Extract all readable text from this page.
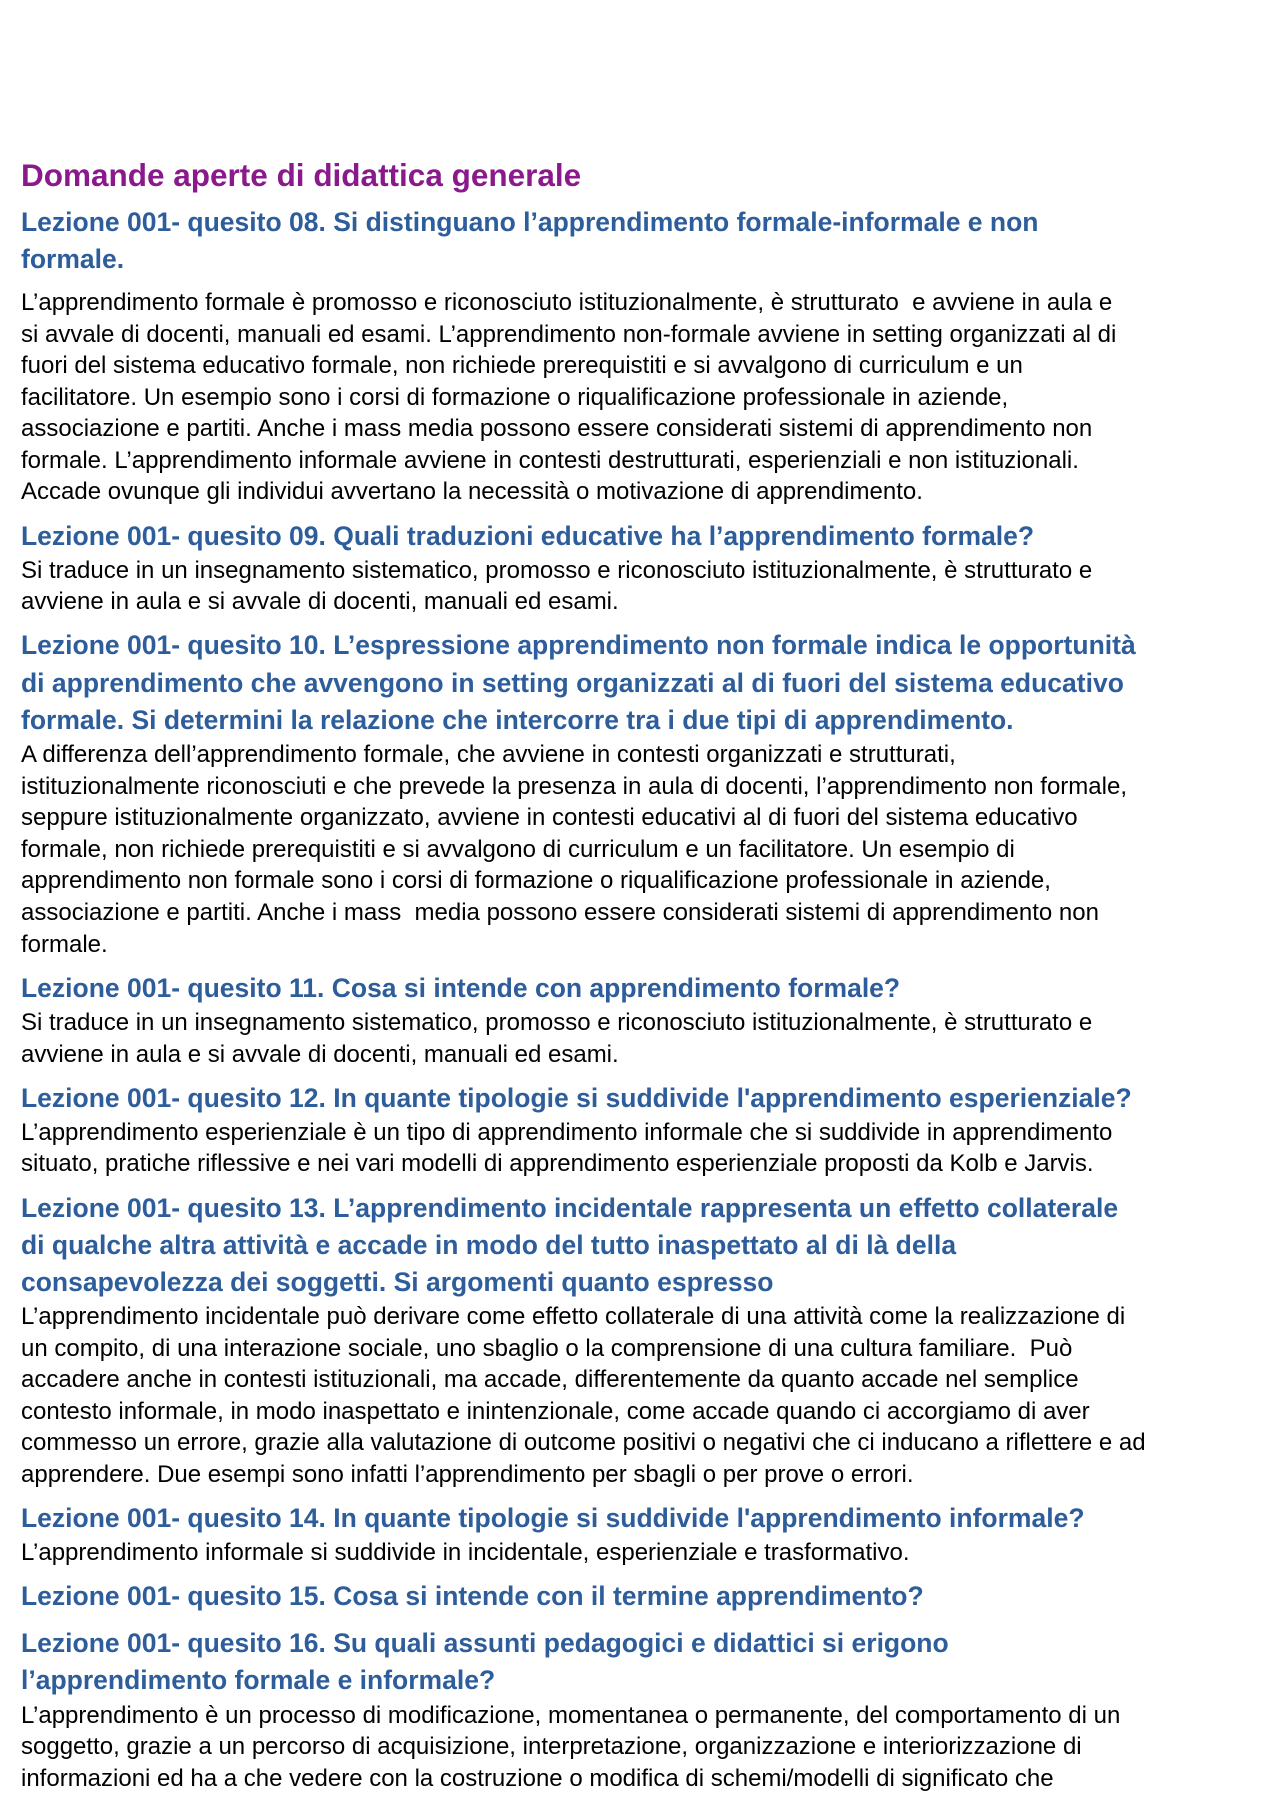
Domande aperte di didattica generale
Lezione 001- quesito 08. Si distinguano l’apprendimento formale-informale e non
formale.

L’apprendimento formale è promosso e riconosciuto istituzionalmente, è strutturato  e avviene in aula e
si avvale di docenti, manuali ed esami. L’apprendimento non-formale avviene in setting organizzati al di
fuori del sistema educativo formale, non richiede prerequistiti e si avvalgono di curriculum e un
facilitatore. Un esempio sono i corsi di formazione o riqualificazione professionale in aziende,
associazione e partiti. Anche i mass media possono essere considerati sistemi di apprendimento non
formale. L’apprendimento informale avviene in contesti destrutturati, esperienziali e non istituzionali.
Accade ovunque gli individui avvertano la necessità o motivazione di apprendimento.

Lezione 001- quesito 09. Quali traduzioni educative ha l’apprendimento formale?

Si traduce in un insegnamento sistematico, promosso e riconosciuto istituzionalmente, è strutturato e
avviene in aula e si avvale di docenti, manuali ed esami.

Lezione 001- quesito 10. L’espressione apprendimento non formale indica le opportunità
di apprendimento che avvengono in setting organizzati al di fuori del sistema educativo
formale. Si determini la relazione che intercorre tra i due tipi di apprendimento.

A differenza dell’apprendimento formale, che avviene in contesti organizzati e strutturati,
istituzionalmente riconosciuti e che prevede la presenza in aula di docenti, l’apprendimento non formale,
seppure istituzionalmente organizzato, avviene in contesti educativi al di fuori del sistema educativo
formale, non richiede prerequistiti e si avvalgono di curriculum e un facilitatore. Un esempio di
apprendimento non formale sono i corsi di formazione o riqualificazione professionale in aziende,
associazione e partiti. Anche i mass  media possono essere considerati sistemi di apprendimento non
formale.

Lezione 001- quesito 11. Cosa si intende con apprendimento formale?

Si traduce in un insegnamento sistematico, promosso e riconosciuto istituzionalmente, è strutturato e
avviene in aula e si avvale di docenti, manuali ed esami.

Lezione 001- quesito 12. In quante tipologie si suddivide l'apprendimento esperienziale?

L’apprendimento esperienziale è un tipo di apprendimento informale che si suddivide in apprendimento
situato, pratiche riflessive e nei vari modelli di apprendimento esperienziale proposti da Kolb e Jarvis.

Lezione 001- quesito 13. L’apprendimento incidentale rappresenta un effetto collaterale
di qualche altra attività e accade in modo del tutto inaspettato al di là della
consapevolezza dei soggetti. Si argomenti quanto espresso

L’apprendimento incidentale può derivare come effetto collaterale di una attività come la realizzazione di
un compito, di una interazione sociale, uno sbaglio o la comprensione di una cultura familiare.  Può
accadere anche in contesti istituzionali, ma accade, differentemente da quanto accade nel semplice
contesto informale, in modo inaspettato e inintenzionale, come accade quando ci accorgiamo di aver
commesso un errore, grazie alla valutazione di outcome positivi o negativi che ci inducano a riflettere e ad
apprendere. Due esempi sono infatti l’apprendimento per sbagli o per prove o errori.

Lezione 001- quesito 14. In quante tipologie si suddivide l'apprendimento informale?

L’apprendimento informale si suddivide in incidentale, esperienziale e trasformativo.

Lezione 001- quesito 15. Cosa si intende con il termine apprendimento?
Lezione 001- quesito 16. Su quali assunti pedagogici e didattici si erigono
l’apprendimento formale e informale?

L’apprendimento è un processo di modificazione, momentanea o permanente, del comportamento di un
soggetto, grazie a un percorso di acquisizione, interpretazione, organizzazione e interiorizzazione di
informazioni ed ha a che vedere con la costruzione o modifica di schemi/modelli di significato che
